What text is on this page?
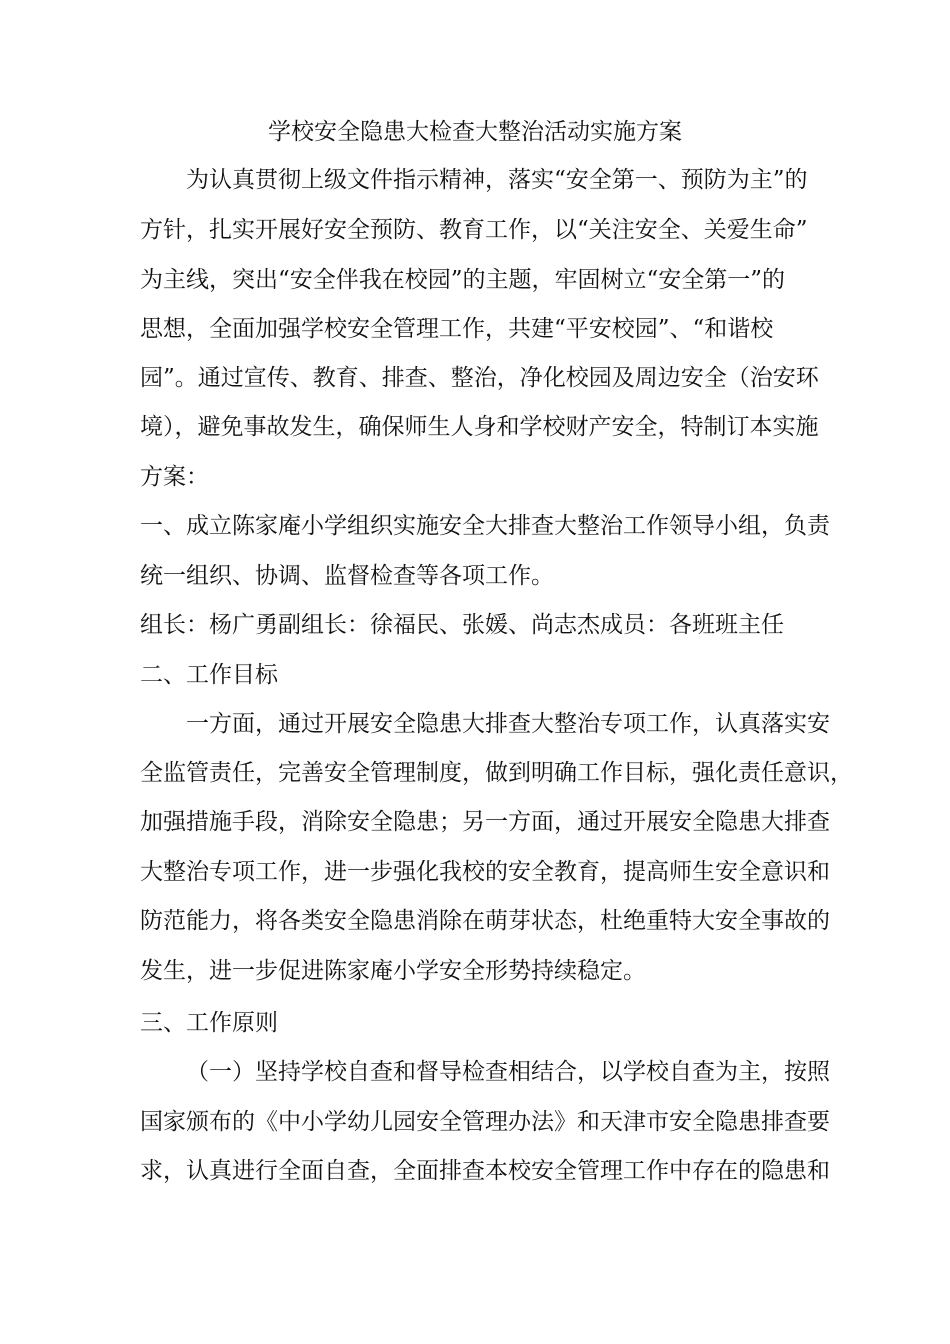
学校安全隐患大检查大整治活动实施方案
为认真贯彻上级文件指示精神，落实“安全第一、预防为主”的
方针，扎实开展好安全预防、教育工作，以“关注安全、关爱生命”
为主线，突出“安全伴我在校园”的主题，牢固树立“安全第一”的
思想，全面加强学校安全管理工作，共建“平安校园”、“和谐校
园”。通过宣传、教育、排查、整治，净化校园及周边安全（治安环
境），避免事故发生，确保师生人身和学校财产安全，特制订本实施
方案：
一、成立陈家庵小学组织实施安全大排查大整治工作领导小组，负责
统一组织、协调、监督检查等各项工作。
组长：杨广勇副组长：徐福民、张媛、尚志杰成员：各班班主任
二、工作目标
一方面，通过开展安全隐患大排查大整治专项工作，认真落实安
全监管责任，完善安全管理制度，做到明确工作目标，强化责任意识，
加强措施手段，消除安全隐患；另一方面，通过开展安全隐患大排查
大整治专项工作，进一步强化我校的安全教育，提高师生安全意识和
防范能力，将各类安全隐患消除在萌芽状态，杜绝重特大安全事故的
发生，进一步促进陈家庵小学安全形势持续稳定。
三、工作原则
（一）坚持学校自查和督导检查相结合，以学校自查为主，按照
国家颁布的《中小学幼儿园安全管理办法》和天津市安全隐患排查要
求，认真进行全面自查，全面排查本校安全管理工作中存在的隐患和
